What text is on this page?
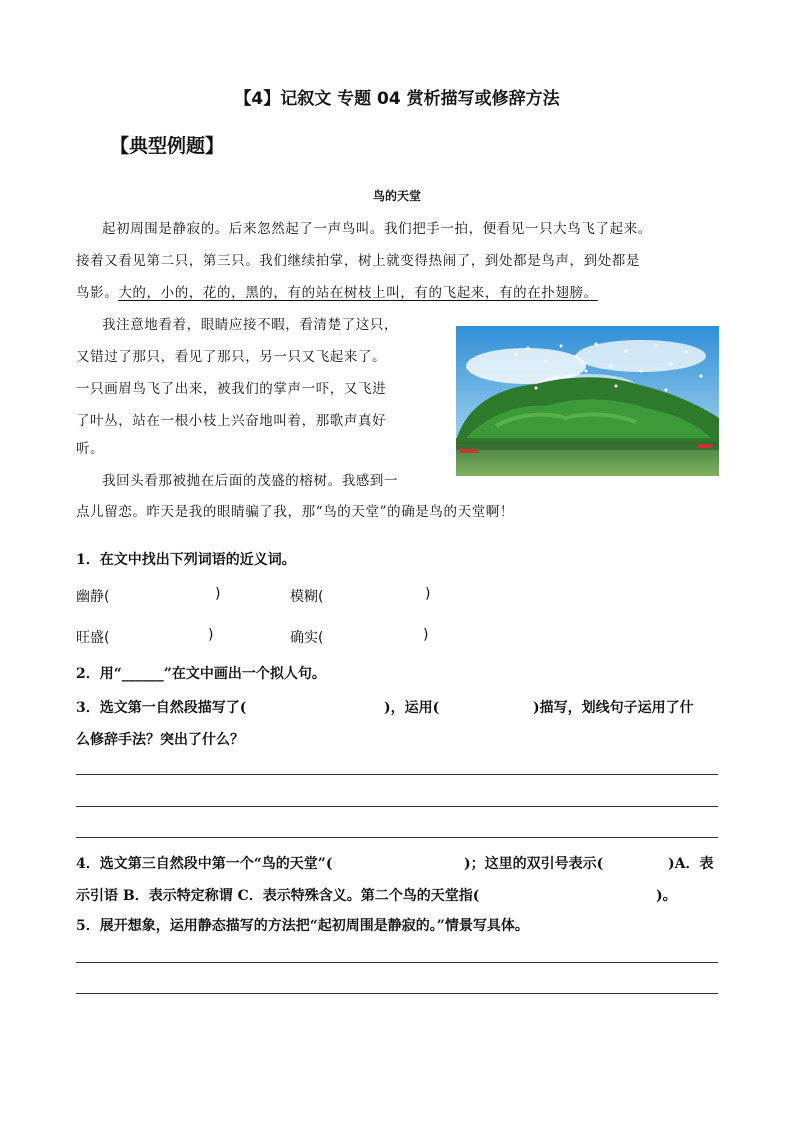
【4】记叙文 专题 04 赏析描写或修辞方法
【典型例题】
鸟的天堂
起初周围是静寂的。后来忽然起了一声鸟叫。我们把手一拍，便看见一只大鸟飞了起来。
接着又看见第二只，第三只。我们继续拍掌，树上就变得热闹了，到处都是鸟声，到处都是
鸟影。大的，小的，花的，黑的，有的站在树枝上叫，有的飞起来，有的在扑翅膀。
我注意地看着，眼睛应接不暇，看清楚了这只，
又错过了那只，看见了那只，另一只又飞起来了。
一只画眉鸟飞了出来，被我们的掌声一吓，又飞进
了叶丛，站在一根小枝上兴奋地叫着，那歌声真好
听。
我回头看那被抛在后面的茂盛的榕树。我感到一
点儿留恋。昨天是我的眼睛骗了我，那“鸟的天堂”的确是鸟的天堂啊！
1．在文中找出下列词语的近义词。
幽静(	)	模糊(	)
旺盛(	)	确实(	)
2．用“______”在文中画出一个拟人句。
3．选文第一自然段描写了(	)，运用(	)描写，划线句子运用了什
么修辞手法？突出了什么？
4．选文第三自然段中第一个“鸟的天堂”(	)；这里的双引号表示(	)A．表
示引语 B．表示特定称谓 C．表示特殊含义。第二个鸟的天堂指(	)。
5．展开想象，运用静态描写的方法把“起初周围是静寂的。”情景写具体。
